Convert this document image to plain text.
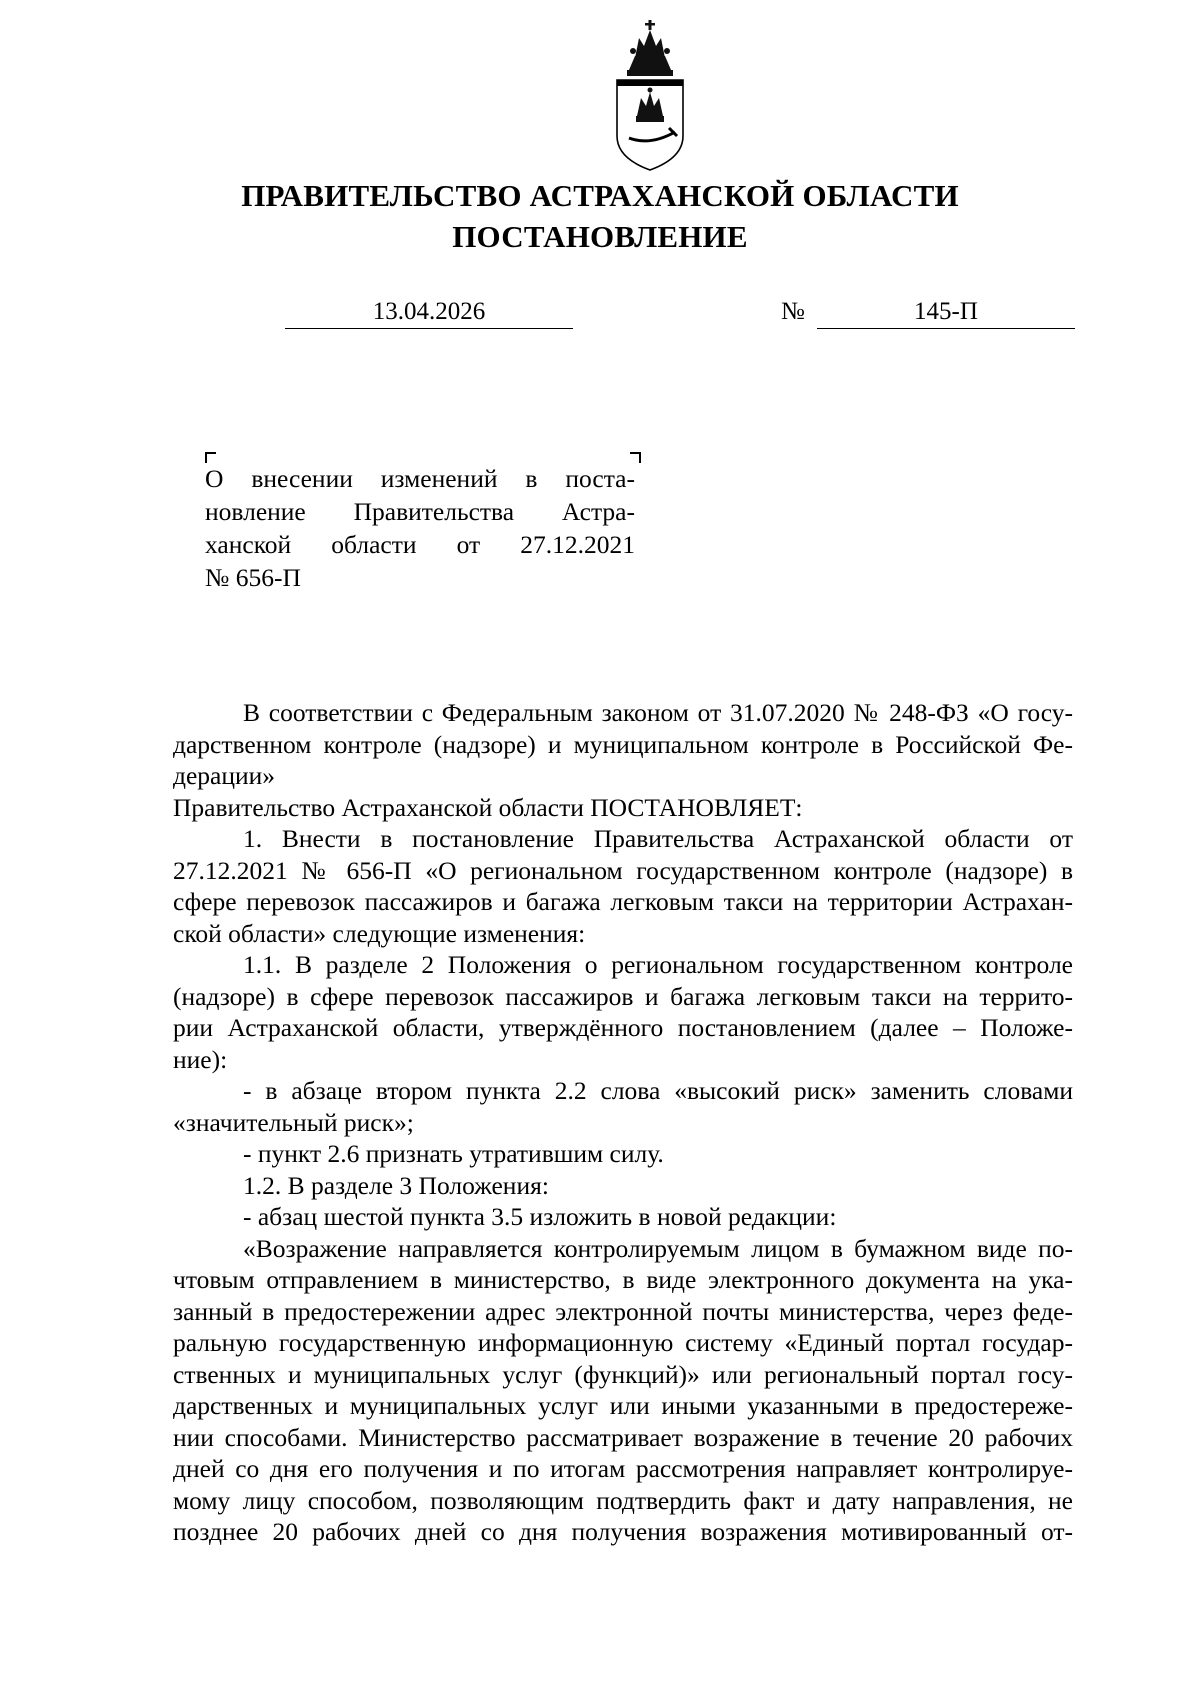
ПРАВИТЕЛЬСТВО АСТРАХАНСКОЙ ОБЛАСТИ
ПОСТАНОВЛЕНИЕ
13.04.2026	№	145-П
О внесении изменений в поста-
новление Правительства Астра-
ханской области от 27.12.2021
№ 656-П
В соответствии с Федеральным законом от 31.07.2020 № 248-ФЗ «О госу-
дарственном контроле (надзоре) и муниципальном контроле в Российской Фе-
дерации»
Правительство Астраханской области ПОСТАНОВЛЯЕТ:
1. Внести в постановление Правительства Астраханской области от
27.12.2021 № 656-П «О региональном государственном контроле (надзоре) в
сфере перевозок пассажиров и багажа легковым такси на территории Астрахан-
ской области» следующие изменения:
1.1. В разделе 2 Положения о региональном государственном контроле
(надзоре) в сфере перевозок пассажиров и багажа легковым такси на террито-
рии Астраханской области, утверждённого постановлением (далее – Положе-
ние):
- в абзаце втором пункта 2.2 слова «высокий риск» заменить словами
«значительный риск»;
- пункт 2.6 признать утратившим силу.
1.2. В разделе 3 Положения:
- абзац шестой пункта 3.5 изложить в новой редакции:
«Возражение направляется контролируемым лицом в бумажном виде по-
чтовым отправлением в министерство, в виде электронного документа на ука-
занный в предостережении адрес электронной почты министерства, через феде-
ральную государственную информационную систему «Единый портал государ-
ственных и муниципальных услуг (функций)» или региональный портал госу-
дарственных и муниципальных услуг или иными указанными в предостереже-
нии способами. Министерство рассматривает возражение в течение 20 рабочих
дней со дня его получения и по итогам рассмотрения направляет контролируе-
мому лицу способом, позволяющим подтвердить факт и дату направления, не
позднее 20 рабочих дней со дня получения возражения мотивированный от-
